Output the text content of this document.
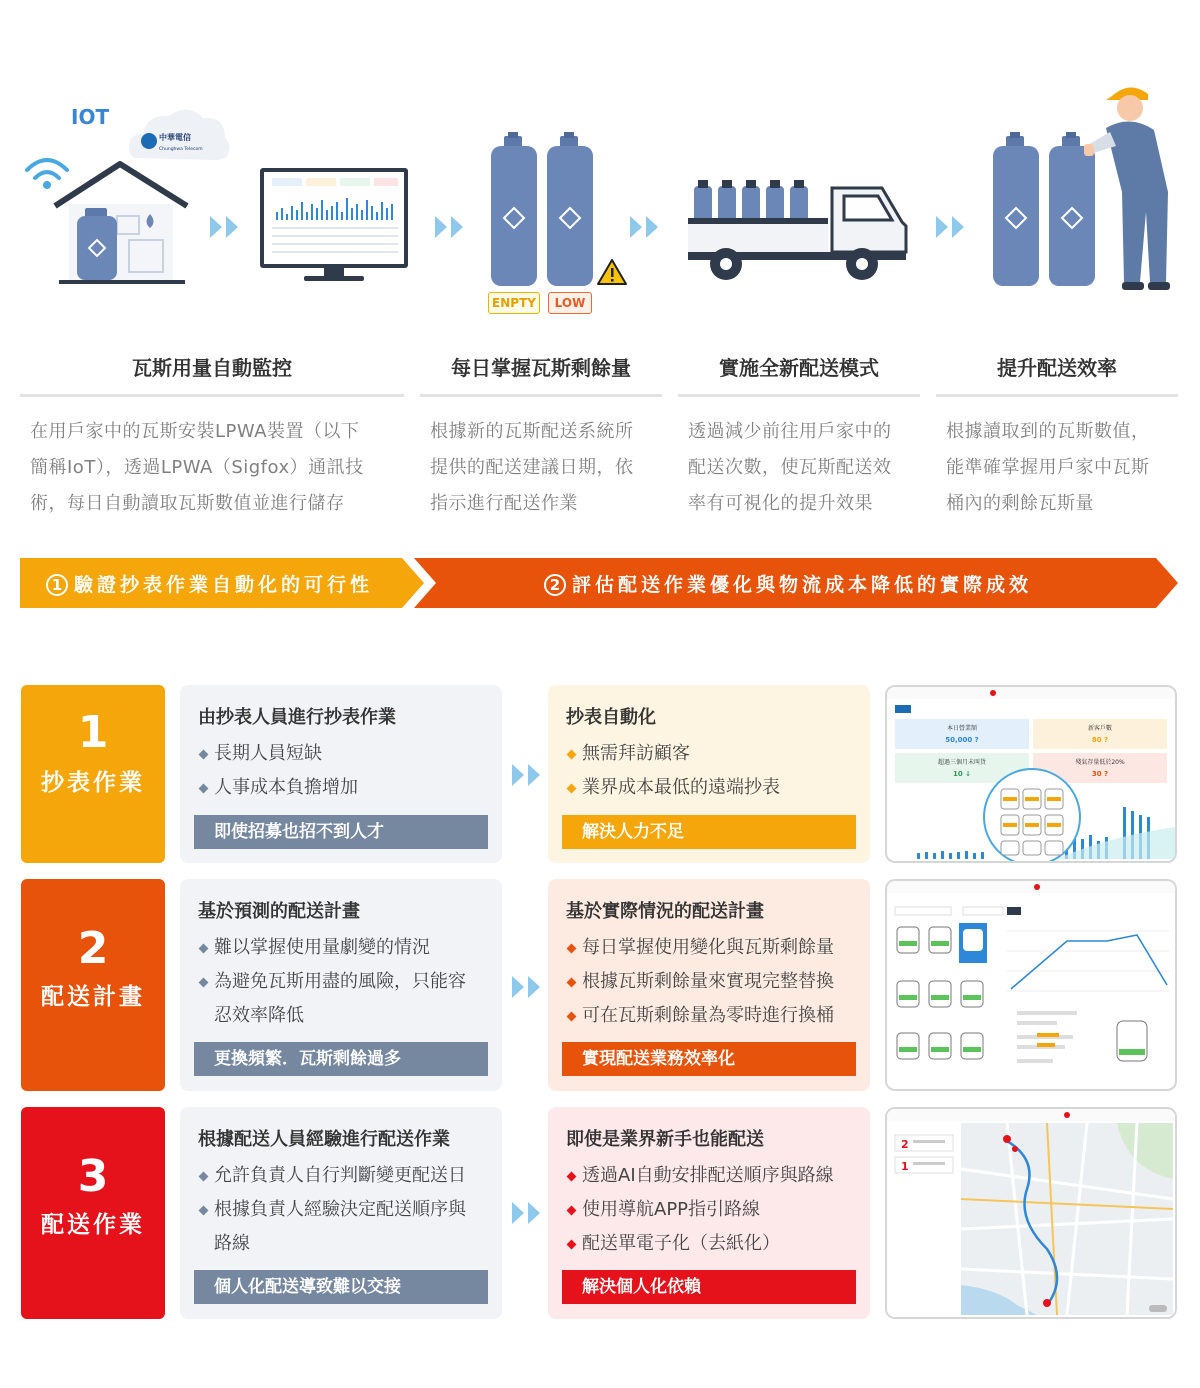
中華電信
Chunghwa Telecom
IOT
ENPTY	LOW
瓦斯用量自動監控
在用戶家中的瓦斯安裝LPWA裝置（以下
簡稱IoT），透過LPWA（Sigfox）通訊技
術，每日自動讀取瓦斯數值並進行儲存
每日掌握瓦斯剩餘量
根據新的瓦斯配送系統所
提供的配送建議日期，依
指示進行配送作業
實施全新配送模式
透過減少前往用戶家中的
配送次數，使瓦斯配送效
率有可視化的提升效果
提升配送效率
根據讀取到的瓦斯數值，
能準確掌握用戶家中瓦斯
桶內的剩餘瓦斯量
1 驗證抄表作業自動化的可行性	2 評估配送作業優化與物流成本降低的實際成效
1
抄表作業
由抄表人員進行抄表作業
長期人員短缺
人事成本負擔增加
即使招募也招不到人才
抄表自動化
無需拜訪顧客
業界成本最低的遠端抄表
解決人力不足
本日營業額
50,000 ?
新客戶數
80 ?
超過三個月未叫貨
10 ↓
殘氣存量低於20%
30 ?
2
配送計畫
基於預測的配送計畫
難以掌握使用量劇變的情況
為避免瓦斯用盡的風險，只能容
忍效率降低
更換頻繁．瓦斯剩餘過多
基於實際情況的配送計畫
每日掌握使用變化與瓦斯剩餘量
根據瓦斯剩餘量來實現完整替換
可在瓦斯剩餘量為零時進行換桶
實現配送業務效率化
3
配送作業
根據配送人員經驗進行配送作業
允許負責人自行判斷變更配送日
根據負責人經驗決定配送順序與
路線
個人化配送導致難以交接
即使是業界新手也能配送
透過AI自動安排配送順序與路線
使用導航APP指引路線
配送單電子化（去紙化）
解決個人化依賴
2
1
